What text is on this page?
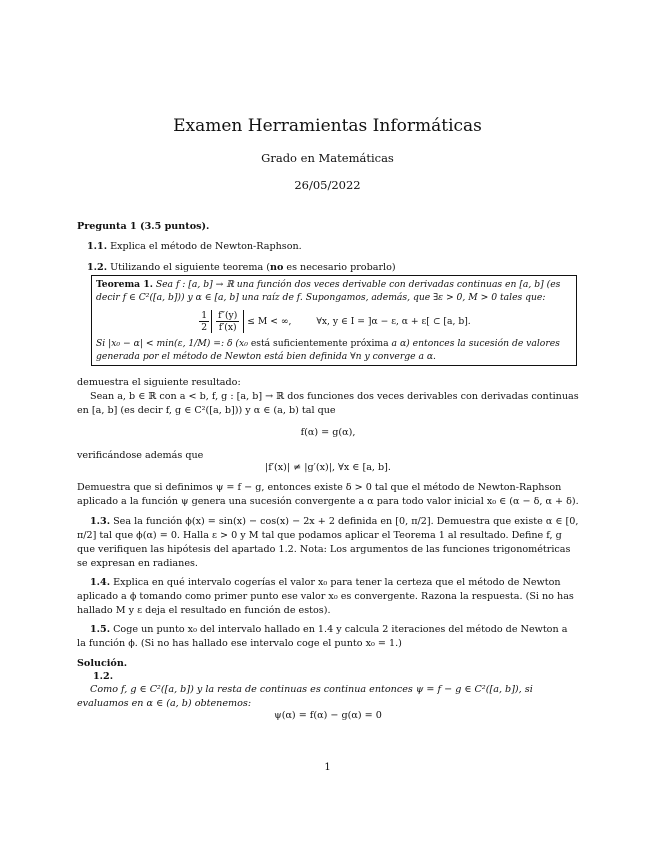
Examen Herramientas Informáticas
Grado en Matemáticas
26/05/2022
Pregunta 1 (3.5 puntos).
1.1. Explica el método de Newton-Raphson.
1.2. Utilizando el siguiente teorema (no es necesario probarlo)
Teorema 1. Sea f : [a, b] → ℝ una función dos veces derivable con derivadas continuas en [a, b] (es decir f ∈ C²([a, b])) y α ∈ [a, b] una raíz de f. Supongamos, además, que ∃ε > 0, M > 0 tales que:
$\frac{1}{2} \frac{f''(y)}{f'(x)} \le M$ < ∞,	∀x, y ∈ I = ]α − ε, α + ε[ ⊂ [a, b].
Si |x₀ − α| < min(ε, 1/M) =: δ (x₀ está suficientemente próxima a α) entonces la sucesión de valores generada por el método de Newton está bien definida ∀n y converge a α.
demuestra el siguiente resultado:
Sean a, b ∈ ℝ con a < b, f, g : [a, b] → ℝ dos funciones dos veces derivables con derivadas continuas en [a, b] (es decir f, g ∈ C²([a, b])) y α ∈ (a, b) tal que
f(α) = g(α),
verificándose además que
|f′(x)| ≠ |g′(x)|, ∀x ∈ [a, b].
Demuestra que si definimos ψ = f − g, entonces existe δ > 0 tal que el método de Newton-Raphson aplicado a la función ψ genera una sucesión convergente a α para todo valor inicial x₀ ∈ (α − δ, α + δ).
1.3. Sea la función ϕ(x) = sin(x) − cos(x) − 2x + 2 definida en [0, π/2]. Demuestra que existe α ∈ [0, π/2] tal que ϕ(α) = 0. Halla ε > 0 y M tal que podamos aplicar el Teorema 1 al resultado. Define f, g que verifiquen las hipótesis del apartado 1.2. Nota: Los argumentos de las funciones trigonométricas se expresan en radianes.
1.4. Explica en qué intervalo cogerías el valor x₀ para tener la certeza que el método de Newton aplicado a ϕ tomando como primer punto ese valor x₀ es convergente. Razona la respuesta. (Si no has hallado M y ε deja el resultado en función de estos).
1.5. Coge un punto x₀ del intervalo hallado en 1.4 y calcula 2 iteraciones del método de Newton a la función ϕ. (Si no has hallado ese intervalo coge el punto x₀ = 1.)
Solución.
1.2.
Como f, g ∈ C²([a, b]) y la resta de continuas es continua entonces ψ = f − g ∈ C²([a, b]), si evaluamos en α ∈ (a, b) obtenemos:
ψ(α) = f(α) − g(α) = 0
1
